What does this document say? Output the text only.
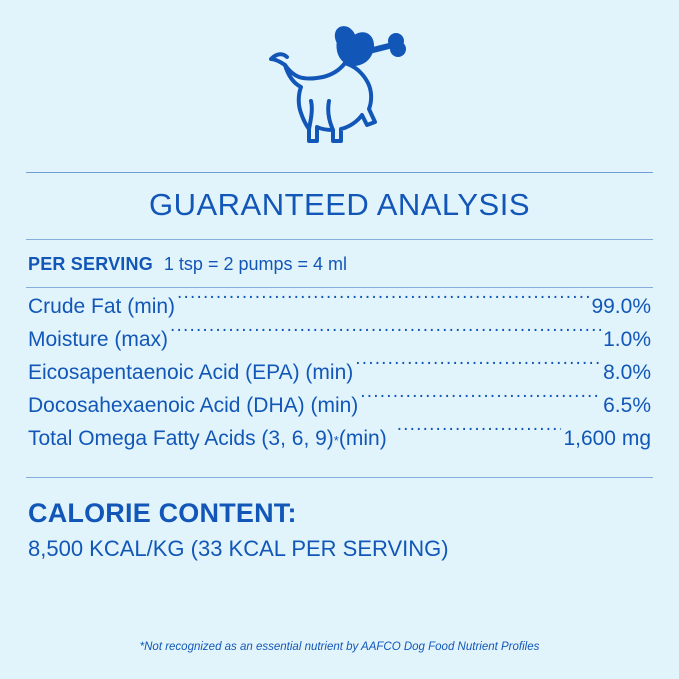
GUARANTEED ANALYSIS
PER SERVING 1 tsp = 2 pumps = 4 ml
Crude Fat (min) .....	99.0%
Moisture (max) .....	1.0%
Eicosapentaenoic Acid (EPA) (min) .....	8.0%
Docosahexaenoic Acid (DHA) (min) .....	6.5%
Total Omega Fatty Acids (3, 6, 9) * (min) .....	1,600 mg
CALORIE CONTENT:
8,500 KCAL/KG (33 KCAL PER SERVING)
*Not recognized as an essential nutrient by AAFCO Dog Food Nutrient Profiles
